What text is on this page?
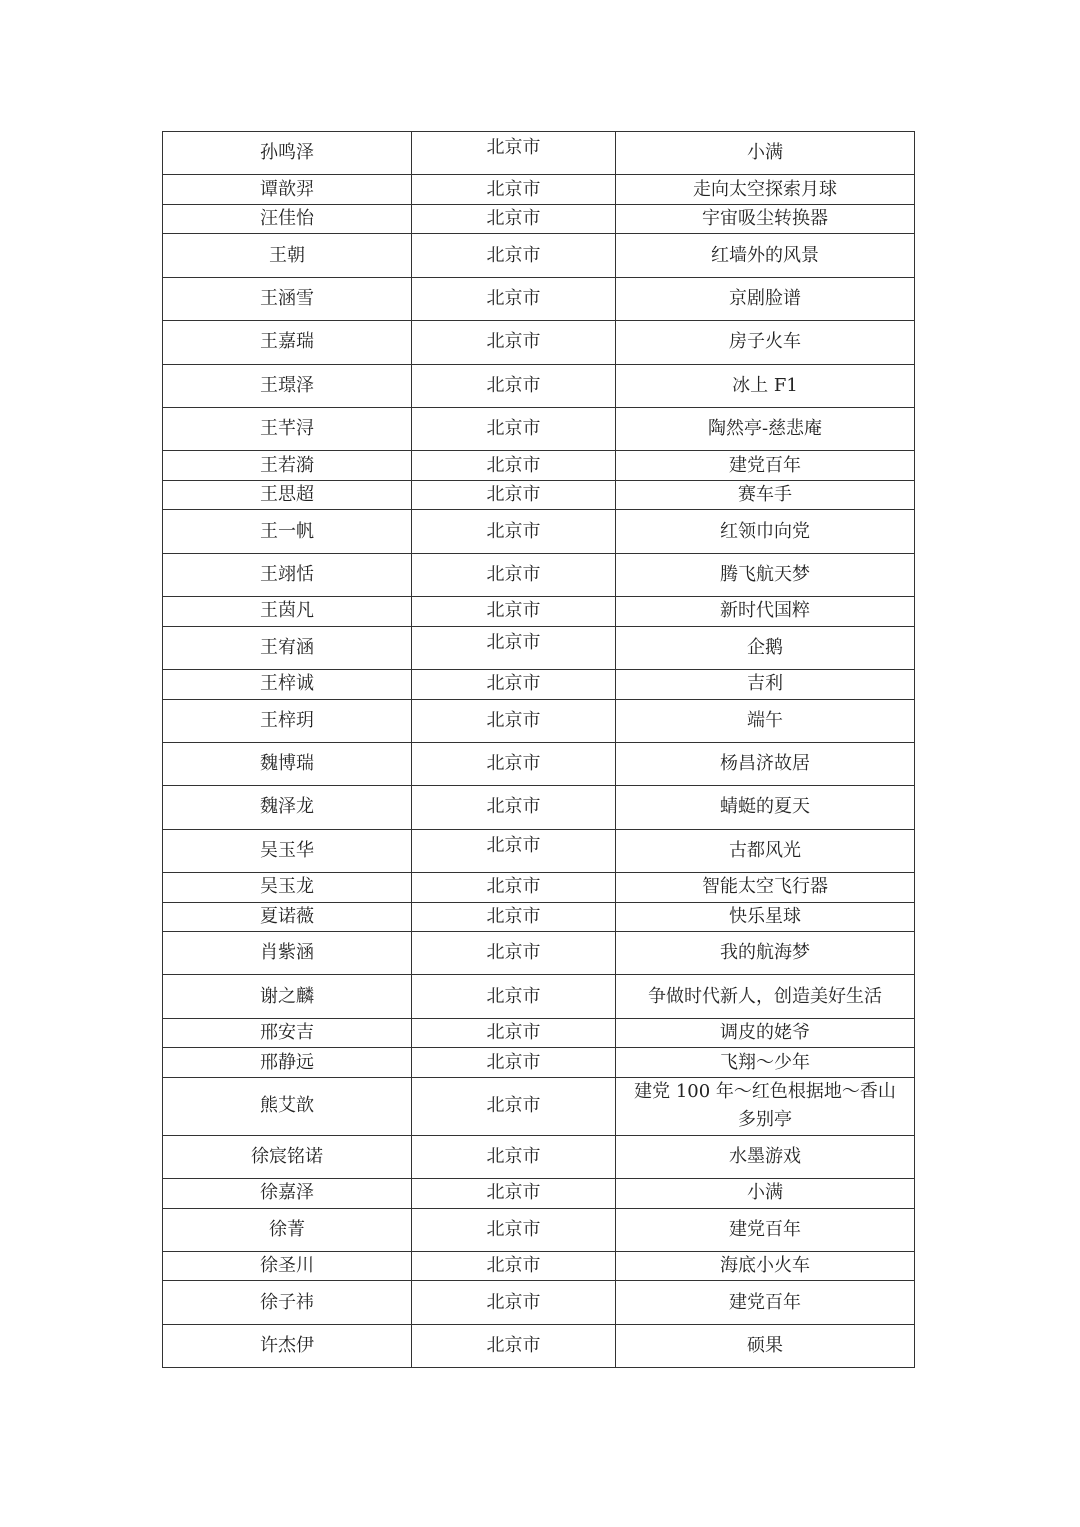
孙鸣泽	北京市	小满
谭歆羿	北京市	走向太空探索月球
汪佳怡	北京市	宇宙吸尘转换器
王朝	北京市	红墙外的风景
王涵雪	北京市	京剧脸谱
王嘉瑞	北京市	房子火车
王璟泽	北京市	冰上 F1
王芊浔	北京市	陶然亭-慈悲庵
王若漪	北京市	建党百年
王思超	北京市	赛车手
王一帆	北京市	红领巾向党
王翊恬	北京市	腾飞航天梦
王茵凡	北京市	新时代国粹
王宥涵	北京市	企鹅
王梓诚	北京市	吉利
王梓玥	北京市	端午
魏博瑞	北京市	杨昌济故居
魏泽龙	北京市	蜻蜓的夏天
吴玉华	北京市	古都风光
吴玉龙	北京市	智能太空飞行器
夏诺薇	北京市	快乐星球
肖紫涵	北京市	我的航海梦
谢之麟	北京市	争做时代新人，创造美好生活
邢安吉	北京市	调皮的姥爷
邢静远	北京市	飞翔～少年
熊艾歆	北京市	建党 100 年～红色根据地～香山多别亭
徐宸铭诺	北京市	水墨游戏
徐嘉泽	北京市	小满
徐菁	北京市	建党百年
徐圣川	北京市	海底小火车
徐子祎	北京市	建党百年
许杰伊	北京市	硕果
